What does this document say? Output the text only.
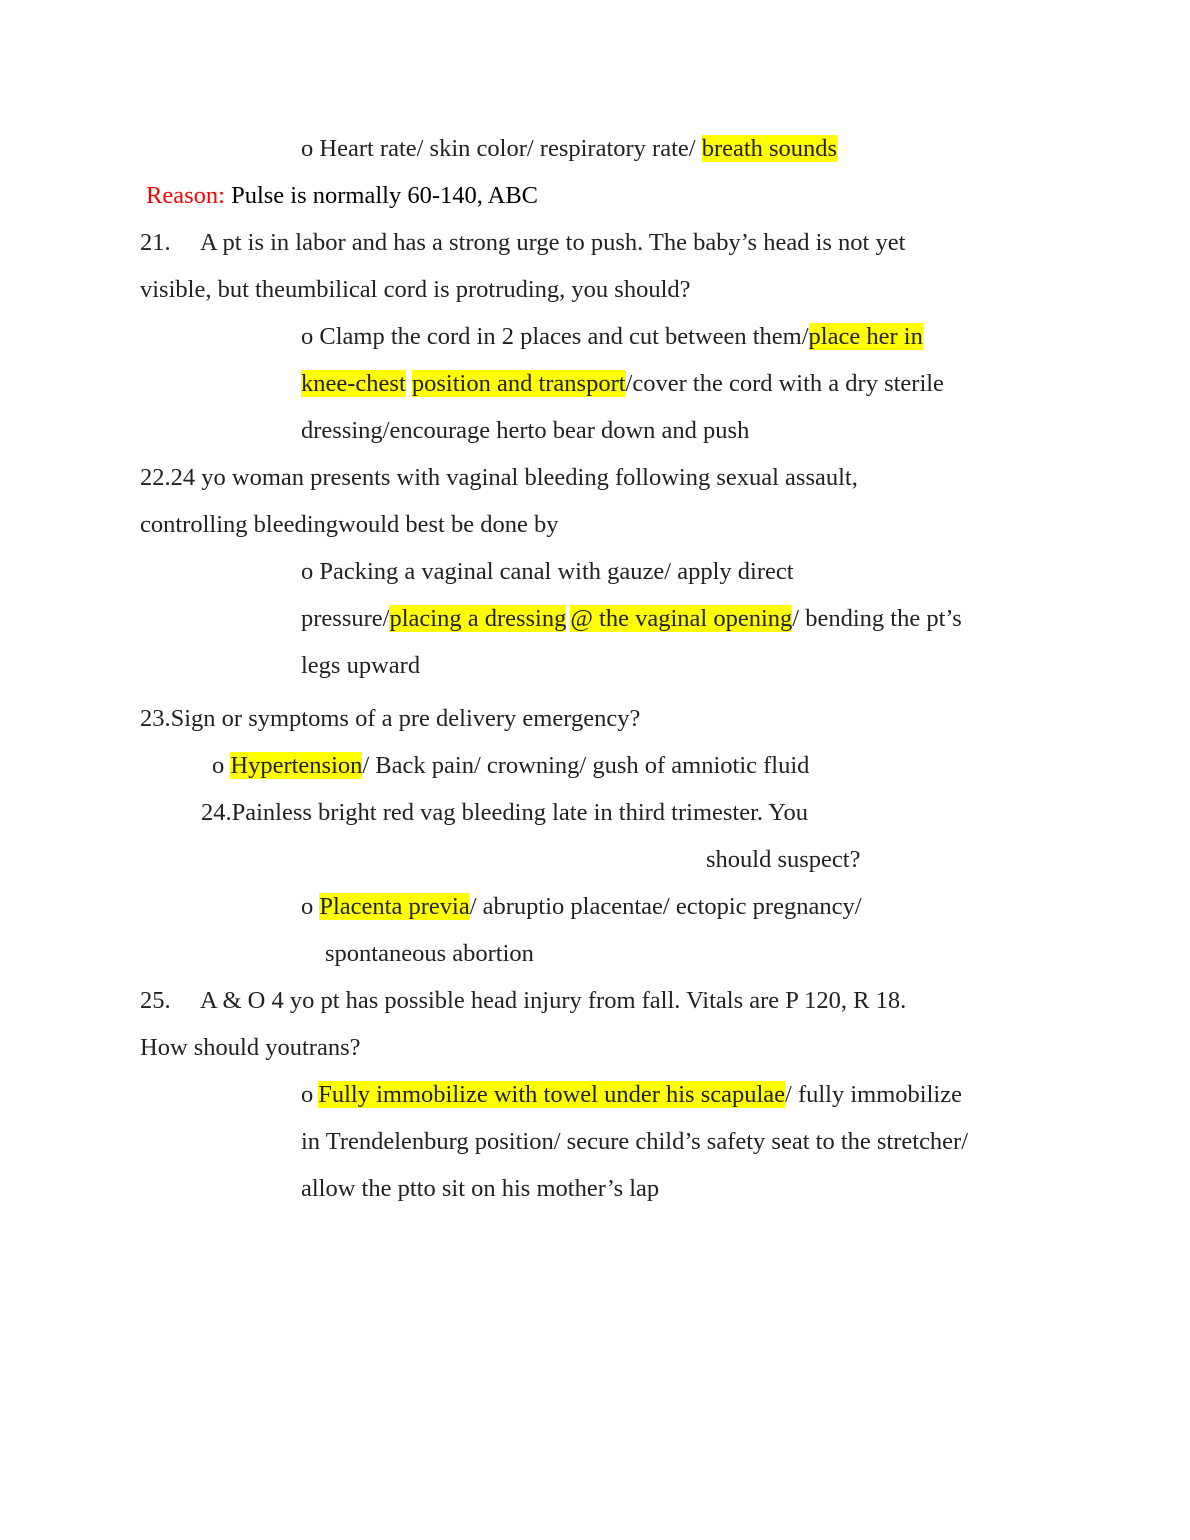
o Heart rate/ skin color/ respiratory rate/ breath sounds
Reason: Pulse is normally 60-140, ABC
21. A pt is in labor and has a strong urge to push. The baby’s head is not yet
visible, but theumbilical cord is protruding, you should?
o Clamp the cord in 2 places and cut between them/place her in
knee-chest position and transport/cover the cord with a dry sterile
dressing/encourage herto bear down and push
22.24 yo woman presents with vaginal bleeding following sexual assault,
controlling bleedingwould best be done by
o Packing a vaginal canal with gauze/ apply direct
pressure/placing a dressing @ the vaginal opening/ bending the pt’s
legs upward
23.Sign or symptoms of a pre delivery emergency?
o Hypertension/ Back pain/ crowning/ gush of amniotic fluid
24.Painless bright red vag bleeding late in third trimester. You
should suspect?
o Placenta previa/ abruptio placentae/ ectopic pregnancy/
spontaneous abortion
25. A & O 4 yo pt has possible head injury from fall. Vitals are P 120, R 18.
How should youtrans?
o Fully immobilize with towel under his scapulae/ fully immobilize
in Trendelenburg position/ secure child’s safety seat to the stretcher/
allow the ptto sit on his mother’s lap
